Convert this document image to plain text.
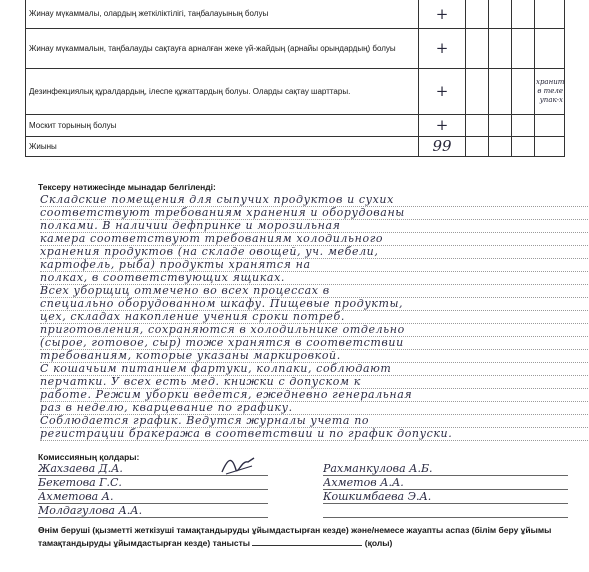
Жинау мүкаммалы, олардың жеткіліктілігі, таңбалауының болуы	+				
Жинау мүкаммалын, таңбалауды сақтауға арналған жеке үй-жайдың (арнайы орындардың) болуы	+				
Дезинфекциялық құралдардың, ілеспе құжаттардың болуы. Оларды сақтау шарттары.	+				хранит в теле упак-х
Москит торының болуы	+				
Жиыны	99				
Тексеру нәтижесінде мынадар белгіленді:
Складские помещения для сыпучих продуктов и сухих
соответствуют требованиям хранения и оборудованы
полками. В наличии дефпринке и морозильная
камера соответствуют требованиям холодильного
хранения продуктов (на складе овощей, уч. мебели,
картофель, рыба) продукты хранятся на
полках, в соответствующих ящиках.
Всех уборщиц отмечено во всех процессах в
специально оборудованном шкафу. Пищевые продукты,
цех, складах накопление учения сроки потреб.
приготовления, сохраняются в холодильнике отдельно
(сырое, готовое, сыр) тоже хранятся в соответствии
требованиям, которые указаны маркировкой.
С кошачьим питанием фартуки, колпаки, соблюдают
перчатки. У всех есть мед. книжки с допуском к
работе. Режим уборки ведется, ежедневно генеральная
раз в неделю, кварцевание по графику.
Соблюдается график. Ведутся журналы учета по
регистрации бракеража в соответствии и по график допуски.
Комиссияның қолдары:
Жахзаева Д.А.	Рахманкулова А.Б.
Бекетова Г.С.	Ахметов А.А.
Ахметова А.	Кошкимбаева Э.А.
Молдагулова А.А.
Өнім беруші (қызметті жеткізуші тамақтандыруды ұйымдастырған кезде) және/немесе жауапты аспаз (білім беру ұйымы тамақтандыруды ұйымдастырған кезде) танысты	(қолы)
